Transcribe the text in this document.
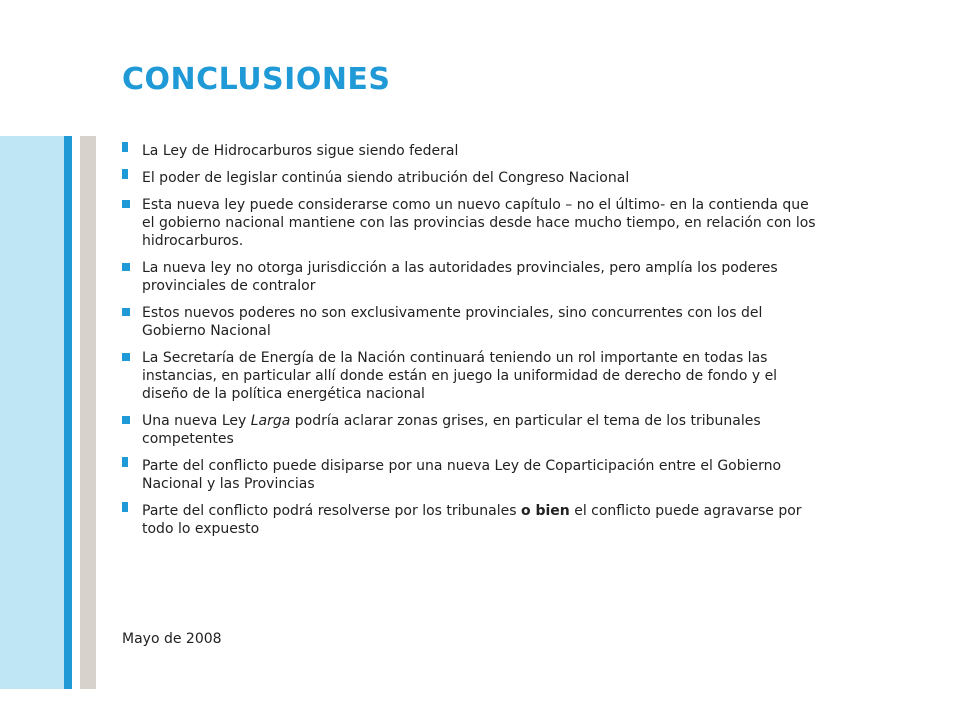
CONCLUSIONES
La Ley de Hidrocarburos sigue siendo federal
El poder de legislar continúa siendo atribución del Congreso Nacional
Esta nueva ley puede considerarse como un nuevo capítulo – no el último- en la contienda que
el gobierno nacional mantiene con las provincias desde hace mucho tiempo, en relación con los
hidrocarburos.
La nueva ley no otorga jurisdicción a las autoridades provinciales, pero amplía los poderes
provinciales de contralor
Estos nuevos poderes no son exclusivamente provinciales, sino concurrentes con los del
Gobierno Nacional
La Secretaría de Energía de la Nación continuará teniendo un rol importante en todas las
instancias, en particular allí donde están en juego la uniformidad de derecho de fondo y el
diseño de la política energética nacional
Una nueva Ley Larga podría aclarar zonas grises, en particular el tema de los tribunales
competentes
Parte del conflicto puede disiparse por una nueva Ley de Coparticipación entre el Gobierno
Nacional y las Provincias
Parte del conflicto podrá resolverse por los tribunales o bien el conflicto puede agravarse por
todo lo expuesto
Mayo de 2008
